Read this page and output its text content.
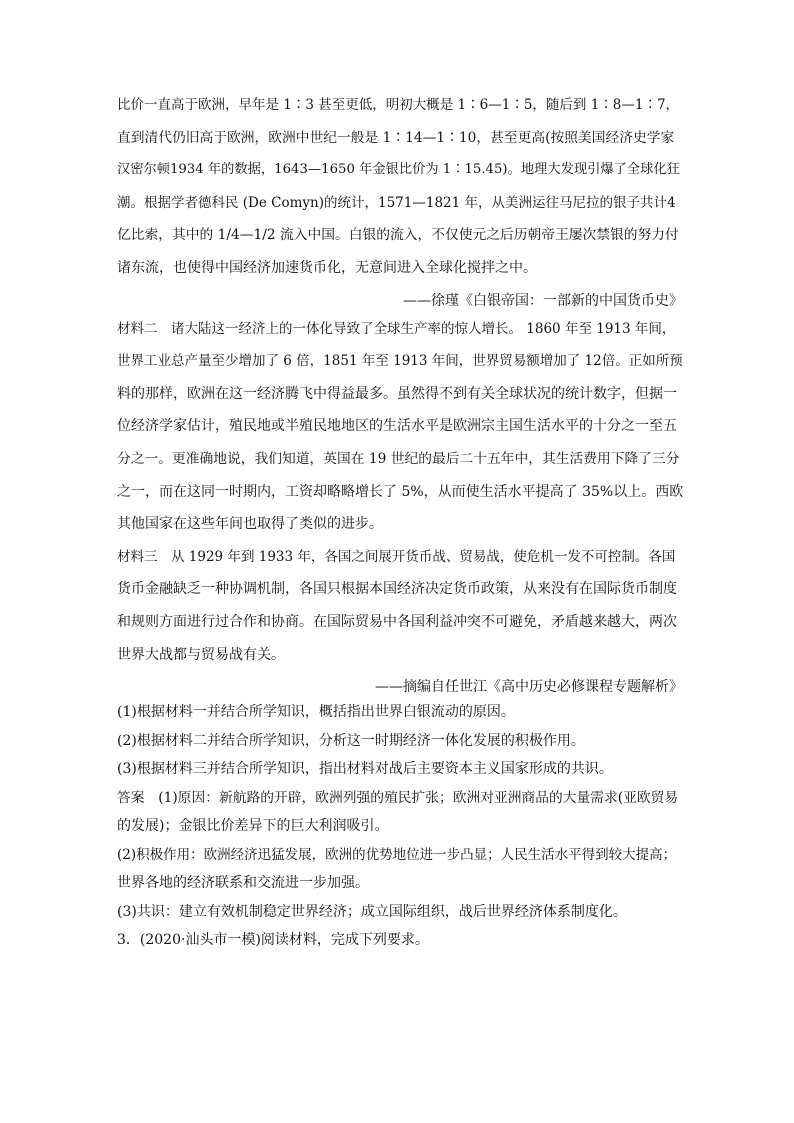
比价一直高于欧洲，早年是 1∶3 甚至更低，明初大概是 1∶6—1∶5，随后到 1∶8—1∶7，
直到清代仍旧高于欧洲，欧洲中世纪一般是 1∶14—1∶10，甚至更高(按照美国经济史学家
汉密尔顿1934 年的数据，1643—1650 年金银比价为 1∶15.45)。地理大发现引爆了全球化狂
潮。根据学者德科民 (De Comyn)的统计，1571—1821 年，从美洲运往马尼拉的银子共计4
亿比索，其中的 1/4—1/2 流入中国。白银的流入，不仅使元之后历朝帝王屡次禁银的努力付
诸东流，也使得中国经济加速货币化，无意间进入全球化搅拌之中。
——徐瑾《白银帝国：一部新的中国货币史》
材料二　诸大陆这一经济上的一体化导致了全球生产率的惊人增长。 1860 年至 1913 年间，
世界工业总产量至少增加了 6 倍，1851 年至 1913 年间，世界贸易额增加了 12倍。正如所预
料的那样，欧洲在这一经济腾飞中得益最多。虽然得不到有关全球状况的统计数字，但据一
位经济学家估计，殖民地或半殖民地地区的生活水平是欧洲宗主国生活水平的十分之一至五
分之一。更准确地说，我们知道，英国在 19 世纪的最后二十五年中，其生活费用下降了三分
之一，而在这同一时期内，工资却略略增长了 5%，从而使生活水平提高了 35%以上。西欧
其他国家在这些年间也取得了类似的进步。
材料三　从 1929 年到 1933 年，各国之间展开货币战、贸易战，使危机一发不可控制。各国
货币金融缺乏一种协调机制，各国只根据本国经济决定货币政策，从来没有在国际货币制度
和规则方面进行过合作和协商。在国际贸易中各国利益冲突不可避免，矛盾越来越大，两次
世界大战都与贸易战有关。
——摘编自任世江《高中历史必修课程专题解析》
(1)根据材料一并结合所学知识，概括指出世界白银流动的原因。
(2)根据材料二并结合所学知识，分析这一时期经济一体化发展的积极作用。
(3)根据材料三并结合所学知识，指出材料对战后主要资本主义国家形成的共识。
答案　(1)原因：新航路的开辟，欧洲列强的殖民扩张；欧洲对亚洲商品的大量需求(亚欧贸易
的发展)；金银比价差异下的巨大利润吸引。
(2)积极作用：欧洲经济迅猛发展，欧洲的优势地位进一步凸显；人民生活水平得到较大提高；
世界各地的经济联系和交流进一步加强。
(3)共识：建立有效机制稳定世界经济；成立国际组织，战后世界经济体系制度化。
3．(2020·汕头市一模)阅读材料，完成下列要求。
